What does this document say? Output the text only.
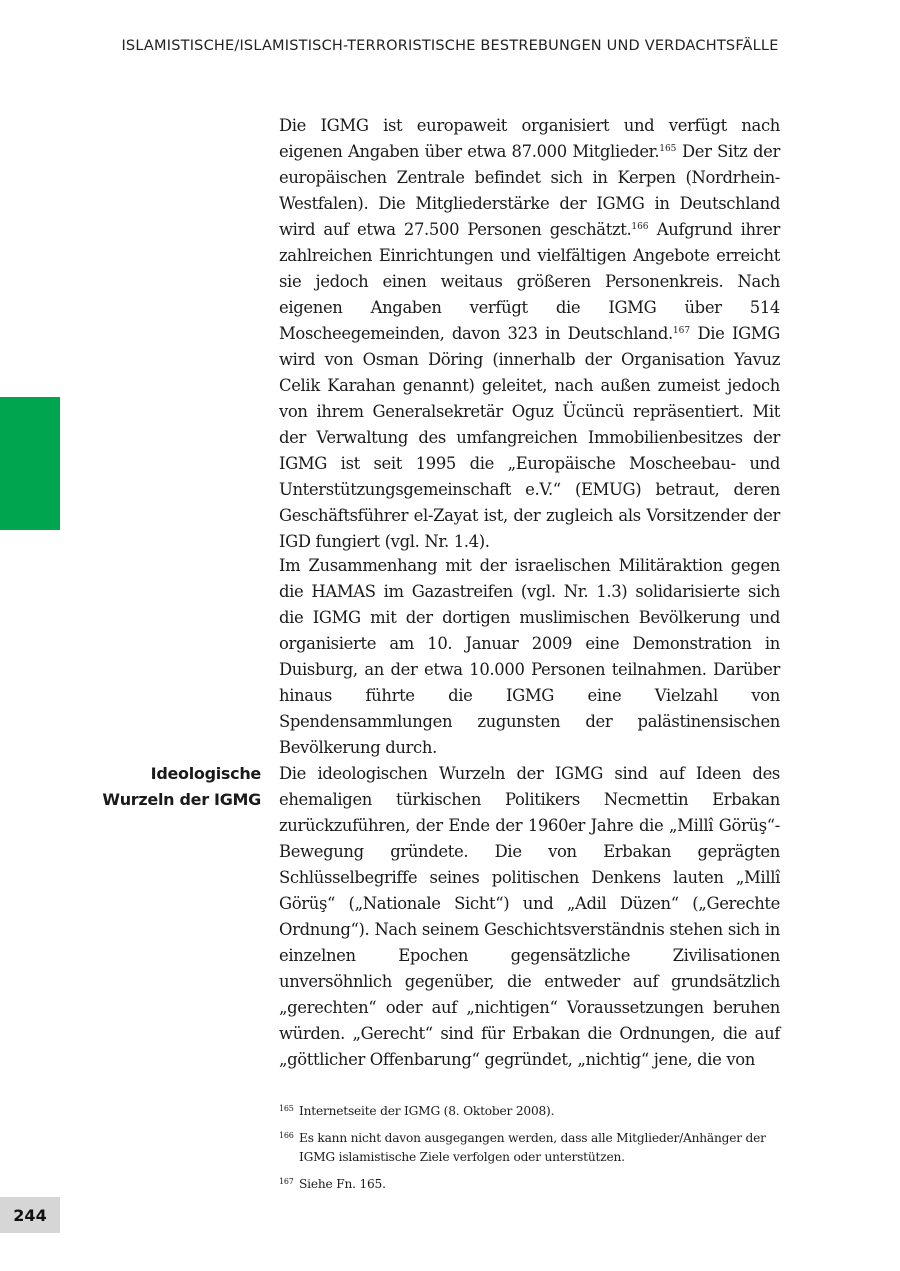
ISLAMISTISCHE/ISLAMISTISCH-TERRORISTISCHE BESTREBUNGEN UND VERDACHTSFÄLLE

Die IGMG ist europaweit organisiert und verfügt nach eigenen Angaben über etwa 87.000 Mitglieder.$^{165}$ Der Sitz der europäischen Zentrale befindet sich in Kerpen (Nordrhein-Westfalen). Die Mitgliederstärke der IGMG in Deutschland wird auf etwa 27.500 Personen geschätzt.$^{166}$ Aufgrund ihrer zahlreichen Einrichtungen und vielfältigen Angebote erreicht sie jedoch einen weitaus größeren Personenkreis. Nach eigenen Angaben verfügt die IGMG über 514 Moscheegemeinden, davon 323 in Deutschland.$^{167}$ Die IGMG wird von Osman Döring (innerhalb der Organisation Yavuz Celik Karahan genannt) geleitet, nach außen zumeist jedoch von ihrem Generalsekretär Oguz Ücüncü repräsentiert. Mit der Verwaltung des umfangreichen Immobilienbesitzes der IGMG ist seit 1995 die „Europäische Moscheebau- und Unterstützungsgemeinschaft e.V.“ (EMUG) betraut, deren Geschäftsführer el-Zayat ist, der zugleich als Vorsitzender der IGD fungiert (vgl. Nr. 1.4).

Im Zusammenhang mit der israelischen Militäraktion gegen die HAMAS im Gazastreifen (vgl. Nr. 1.3) solidarisierte sich die IGMG mit der dortigen muslimischen Bevölkerung und organisierte am 10. Januar 2009 eine Demonstration in Duisburg, an der etwa 10.000 Personen teilnahmen. Darüber hinaus führte die IGMG eine Vielzahl von Spendensammlungen zugunsten der palästinensischen Bevölkerung durch.

Ideologische
Wurzeln der IGMG

Die ideologischen Wurzeln der IGMG sind auf Ideen des ehemaligen türkischen Politikers Necmettin Erbakan zurückzuführen, der Ende der 1960er Jahre die „Millî Görüş“-Bewegung gründete. Die von Erbakan geprägten Schlüsselbegriffe seines politischen Denkens lauten „Millî Görüş“ („Nationale Sicht“) und „Adil Düzen“ („Gerechte Ordnung“). Nach seinem Geschichtsverständnis stehen sich in einzelnen Epochen gegensätzliche Zivilisationen unversöhnlich gegenüber, die entweder auf grundsätzlich „gerechten“ oder auf „nichtigen“ Voraussetzungen beruhen würden. „Gerecht“ sind für Erbakan die Ordnungen, die auf „göttlicher Offenbarung“ gegründet, „nichtig“ jene, die von

165 Internetseite der IGMG (8. Oktober 2008).
166 Es kann nicht davon ausgegangen werden, dass alle Mitglieder/Anhänger der IGMG islamistische Ziele verfolgen oder unterstützen.
167 Siehe Fn. 165.
244
